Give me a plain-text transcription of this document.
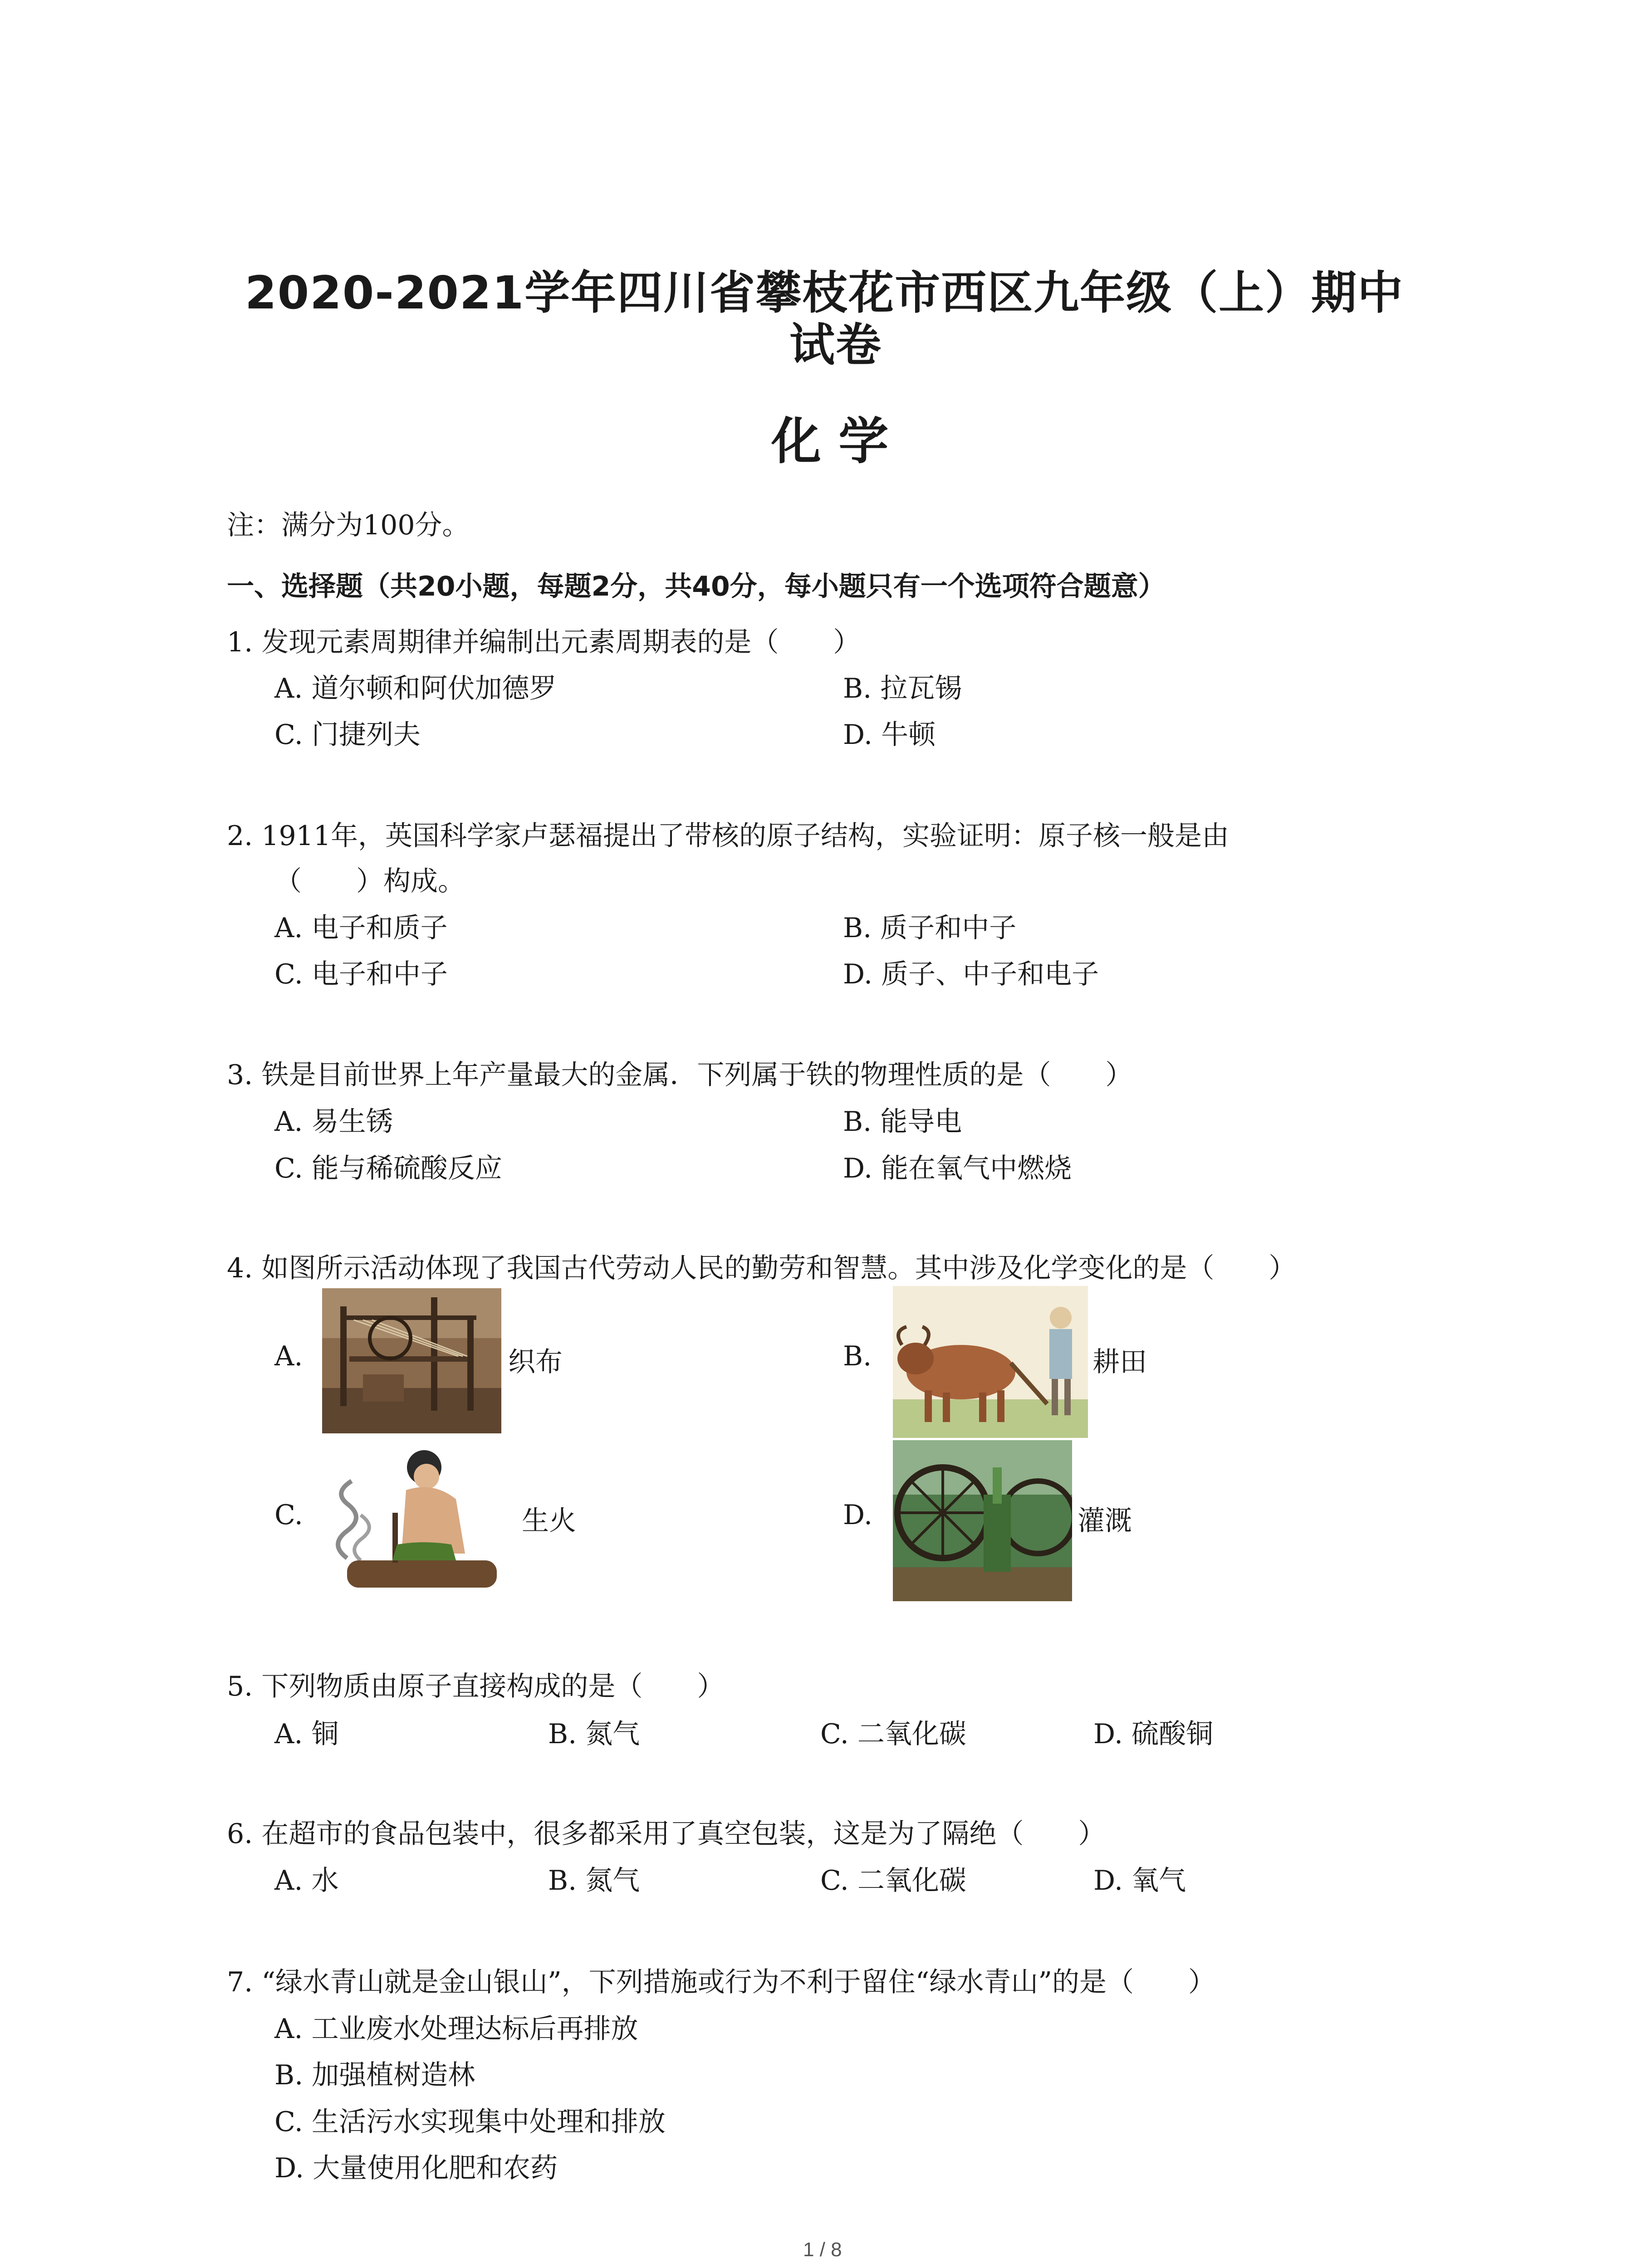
2020-2021学年四川省攀枝花市西区九年级（上）期中
试卷
化 学
注：满分为100分。
一、选择题（共20小题，每题2分，共40分，每小题只有一个选项符合题意）
1. 发现元素周期律并编制出元素周期表的是（　　）
A. 道尔顿和阿伏加德罗	B. 拉瓦锡
C. 门捷列夫	D. 牛顿
2. 1911年，英国科学家卢瑟福提出了带核的原子结构，实验证明：原子核一般是由
（　　）构成。
A. 电子和质子	B. 质子和中子
C. 电子和中子	D. 质子、中子和电子
3. 铁是目前世界上年产量最大的金属．下列属于铁的物理性质的是（　　）
A. 易生锈	B. 能导电
C. 能与稀硫酸反应	D. 能在氧气中燃烧
4. 如图所示活动体现了我国古代劳动人民的勤劳和智慧。其中涉及化学变化的是（　　）
A.	织布	B.	耕田
C.	生火	D.	灌溉
5. 下列物质由原子直接构成的是（　　）
A. 铜	B. 氮气	C. 二氧化碳	D. 硫酸铜
6. 在超市的食品包装中，很多都采用了真空包装，这是为了隔绝（　　）
A. 水	B. 氮气	C. 二氧化碳	D. 氧气
7. “绿水青山就是金山银山”，下列措施或行为不利于留住“绿水青山”的是（　　）
A. 工业废水处理达标后再排放
B. 加强植树造林
C. 生活污水实现集中处理和排放
D. 大量使用化肥和农药
1 / 8
